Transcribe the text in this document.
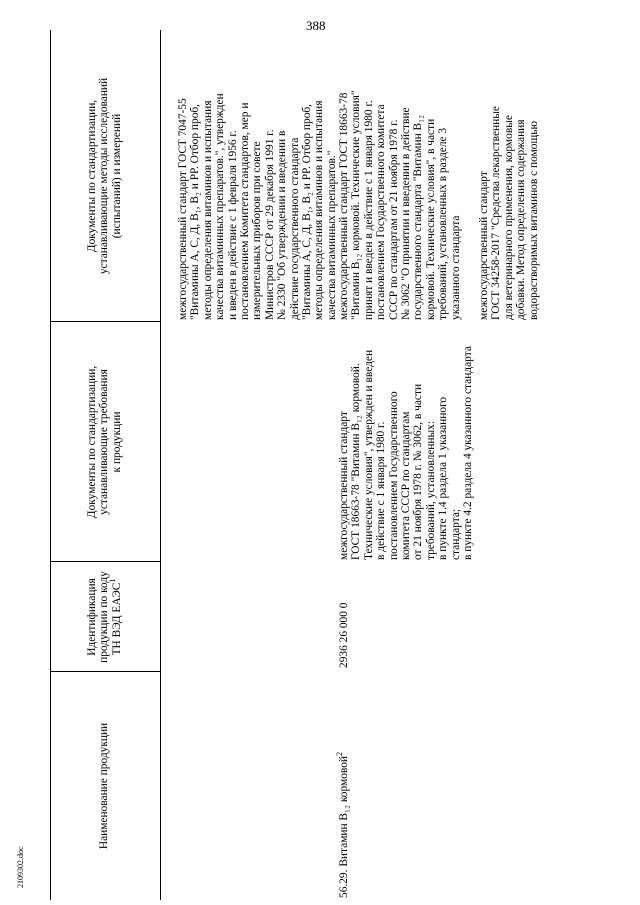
388
2109302.doc
Наименование продукции
Идентификация продукции по коду ТН ВЭД ЕАЭС$^1$
Документы по стандартизации, устанавливающие требования к продукции
Документы по стандартизации, устанавливающие методы исследований (испытаний) и измерений	межгосударственный стандарт ГОСТ 7047-55 "Витамины А, С, Д, В₁, В₂ и РР. Отбор проб, методы определения витаминов и испытания качества витаминных препаратов.", утвержден и введен в действие с 1 февраля 1956 г. постановлением Комитета стандартов, мер и измерительных приборов при совете Министров СССР от 29 декабря 1991 г. № 2330 "Об утверждении и введении в действие государственного стандарта "Витамины А, С, Д, В₁, В₂ и РР. Отбор проб, методы определения витаминов и испытания качества витаминных препаратов."
56.29. Витамин В₁₂ кормовой$^2$
2936 26 000 0
межгосударственный стандарт ГОСТ 18663-78 "Витамин В₁₂ кормовой. Технические условия", утвержден и введен в действие с 1 января 1980 г. постановлением Государственного комитета СССР по стандартам от 21 ноября 1978 г. № 3062, в части требований, установленных: в пункте 1.4 раздела 1 указанного стандарта; в пункте 4.2 раздела 4 указанного стандарта
межгосударственный стандарт ГОСТ 18663-78 "Витамин В₁₂ кормовой. Технические условия" принят и введен в действие с 1 января 1980 г. постановлением Государственного комитета СССР по стандартам от 21 ноября 1978 г. № 3062 "О принятии и введении в действие государственного стандарта "Витамин В₁₂ кормовой. Технические условия", в части требований, установленных в разделе 3 указанного стандарта межгосударственный стандарт ГОСТ 34258-2017 "Средства лекарственные для ветеринарного применения, кормовые добавки. Метод определения содержания водорастворимых витаминов с помощью
